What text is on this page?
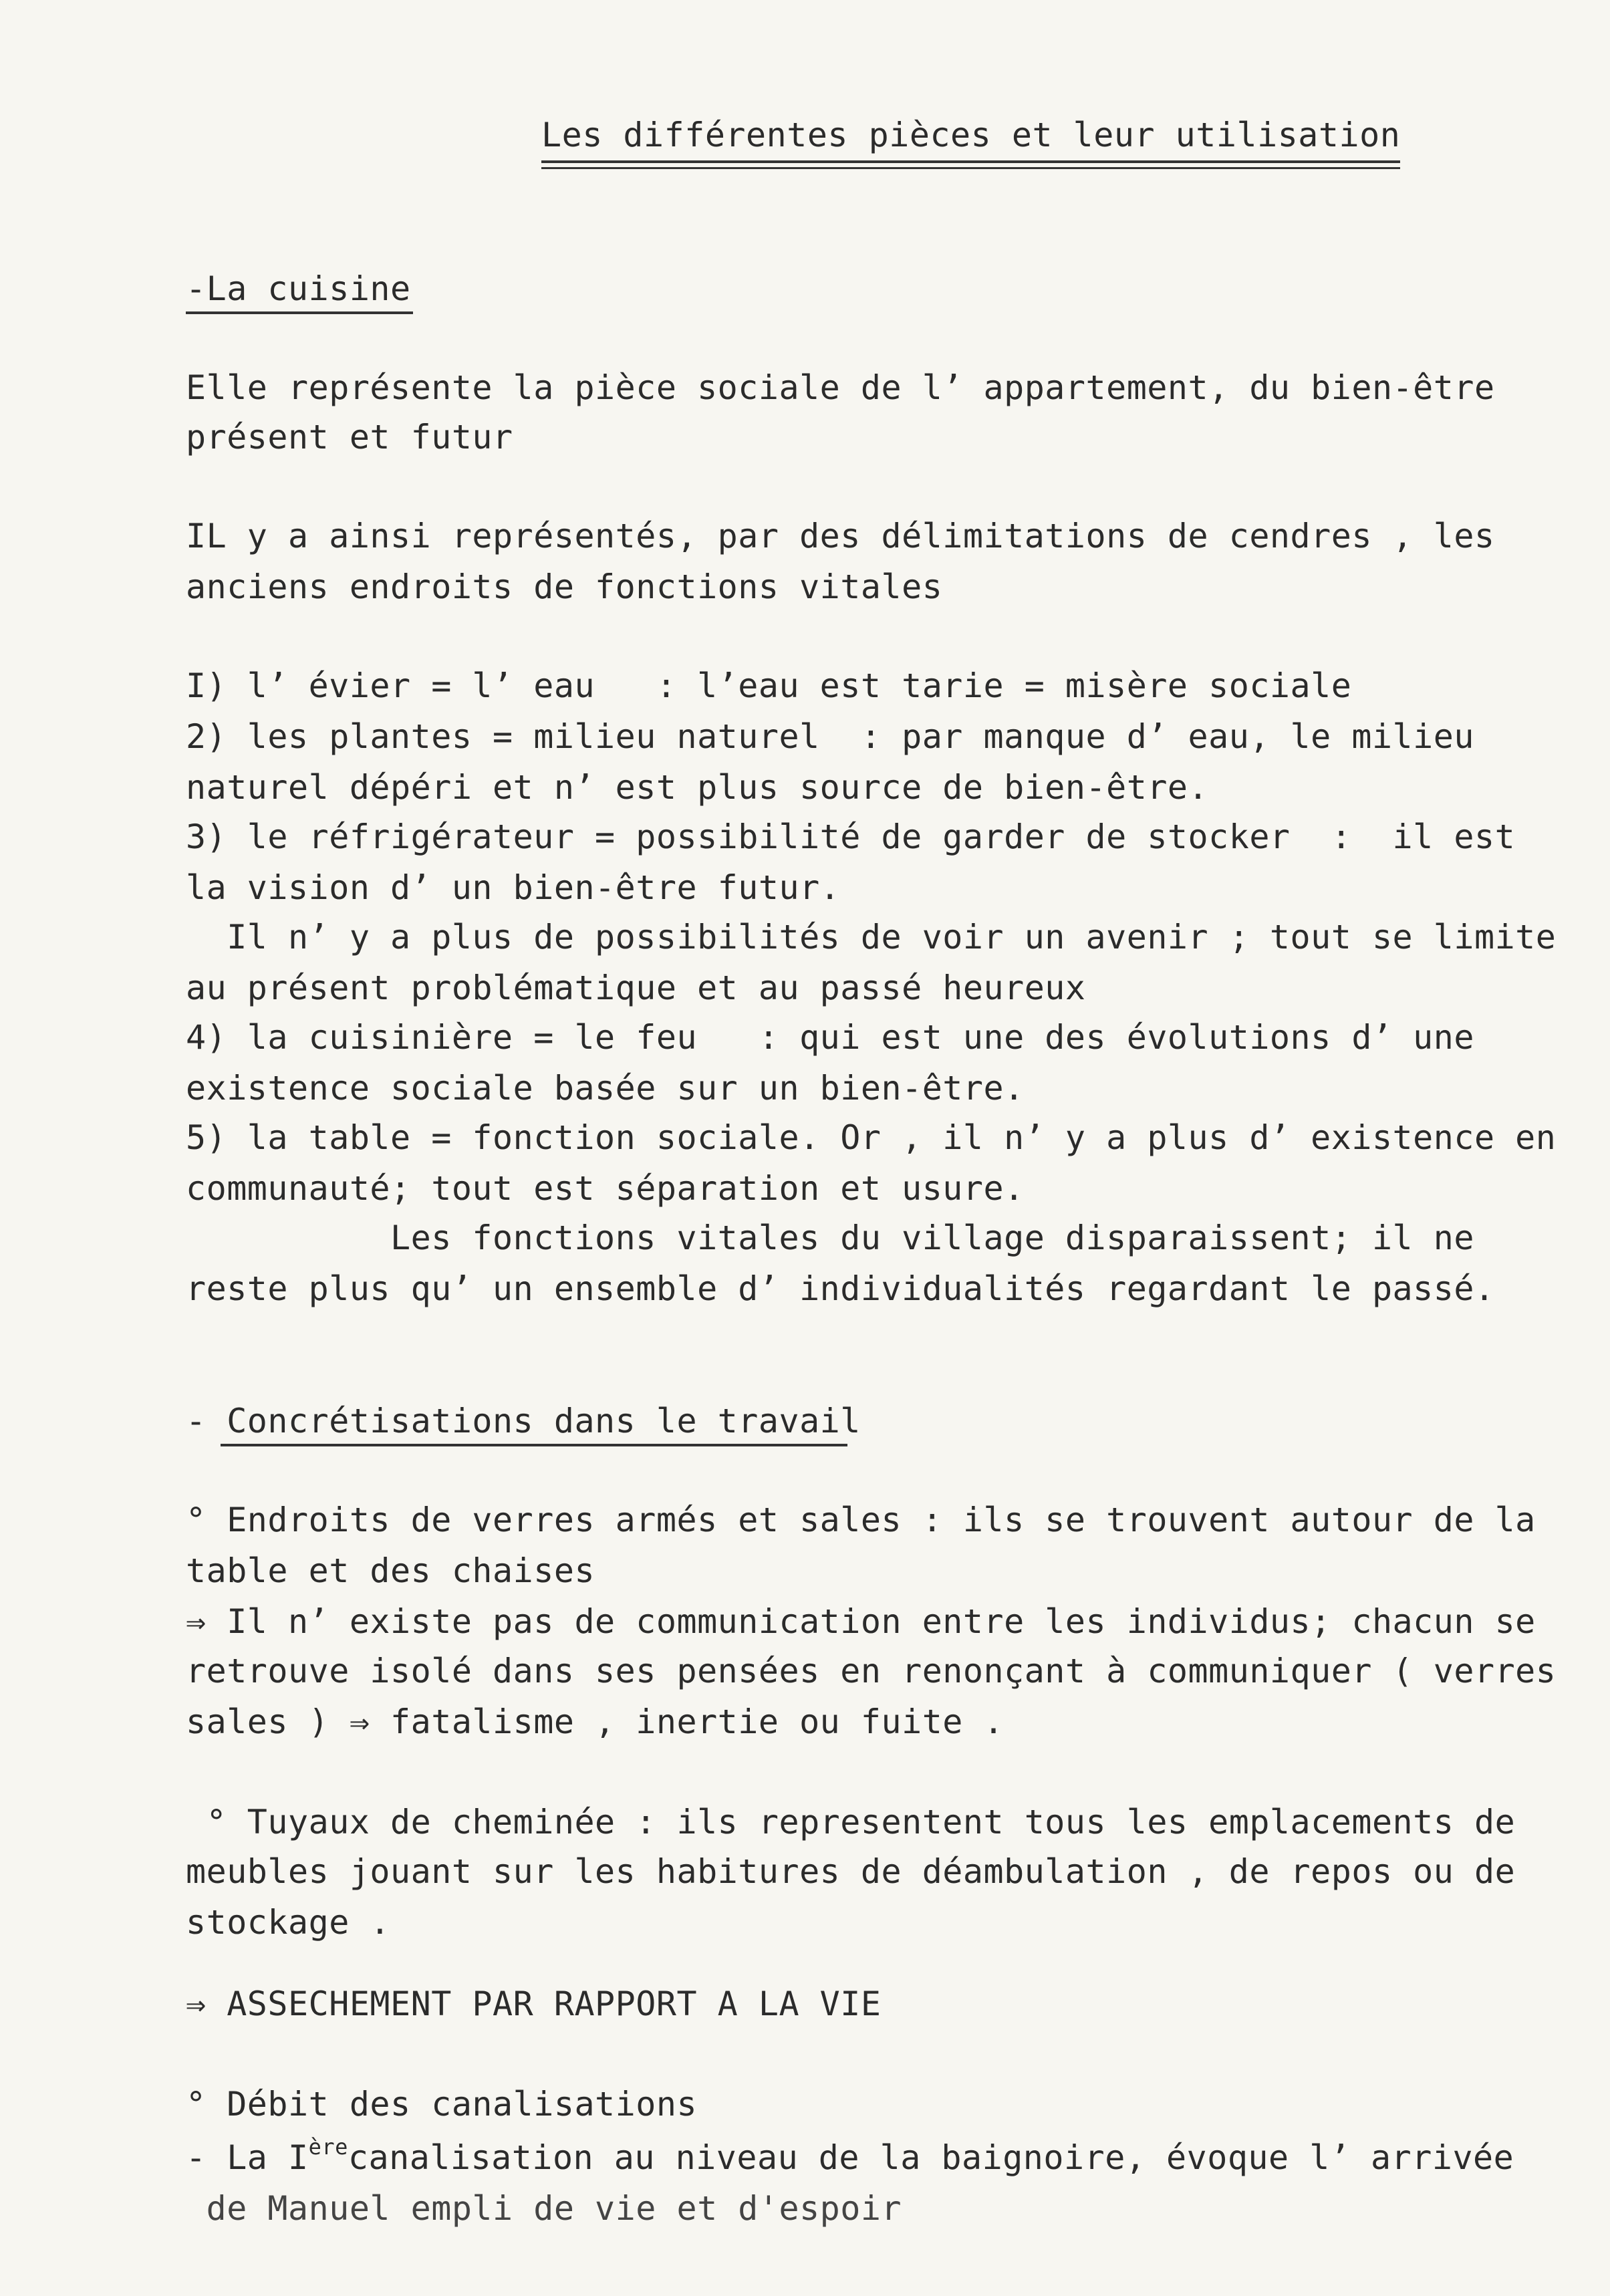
Les différentes pièces et leur utilisation
-La cuisine
Elle représente la pièce sociale de l’ appartement, du bien-être
présent et futur
IL y a ainsi représentés, par des délimitations de cendres , les
anciens endroits de fonctions vitales
I) l’ évier = l’ eau   : l’eau est tarie = misère sociale
2) les plantes = milieu naturel  : par manque d’ eau, le milieu
naturel dépéri et n’ est plus source de bien-être.
3) le réfrigérateur = possibilité de garder de stocker  :  il est
la vision d’ un bien-être futur.
Il n’ y a plus de possibilités de voir un avenir ; tout se limite
au présent problématique et au passé heureux
4) la cuisinière = le feu   : qui est une des évolutions d’ une
existence sociale basée sur un bien-être.
5) la table = fonction sociale. Or , il n’ y a plus d’ existence en
communauté; tout est séparation et usure.
Les fonctions vitales du village disparaissent; il ne
reste plus qu’ un ensemble d’ individualités regardant le passé.
- Concrétisations dans le travail
° Endroits de verres armés et sales : ils se trouvent autour de la
table et des chaises
⇒ Il n’ existe pas de communication entre les individus; chacun se
retrouve isolé dans ses pensées en renonçant à communiquer ( verres
sales ) ⇒ fatalisme , inertie ou fuite .
° Tuyaux de cheminée : ils representent tous les emplacements de
meubles jouant sur les habitures de déambulation , de repos ou de
stockage .
⇒ ASSECHEMENT PAR RAPPORT A LA VIE
° Débit des canalisations
- La Ièrecanalisation au niveau de la baignoire, évoque l’ arrivée
de Manuel empli de vie et d'espoir
